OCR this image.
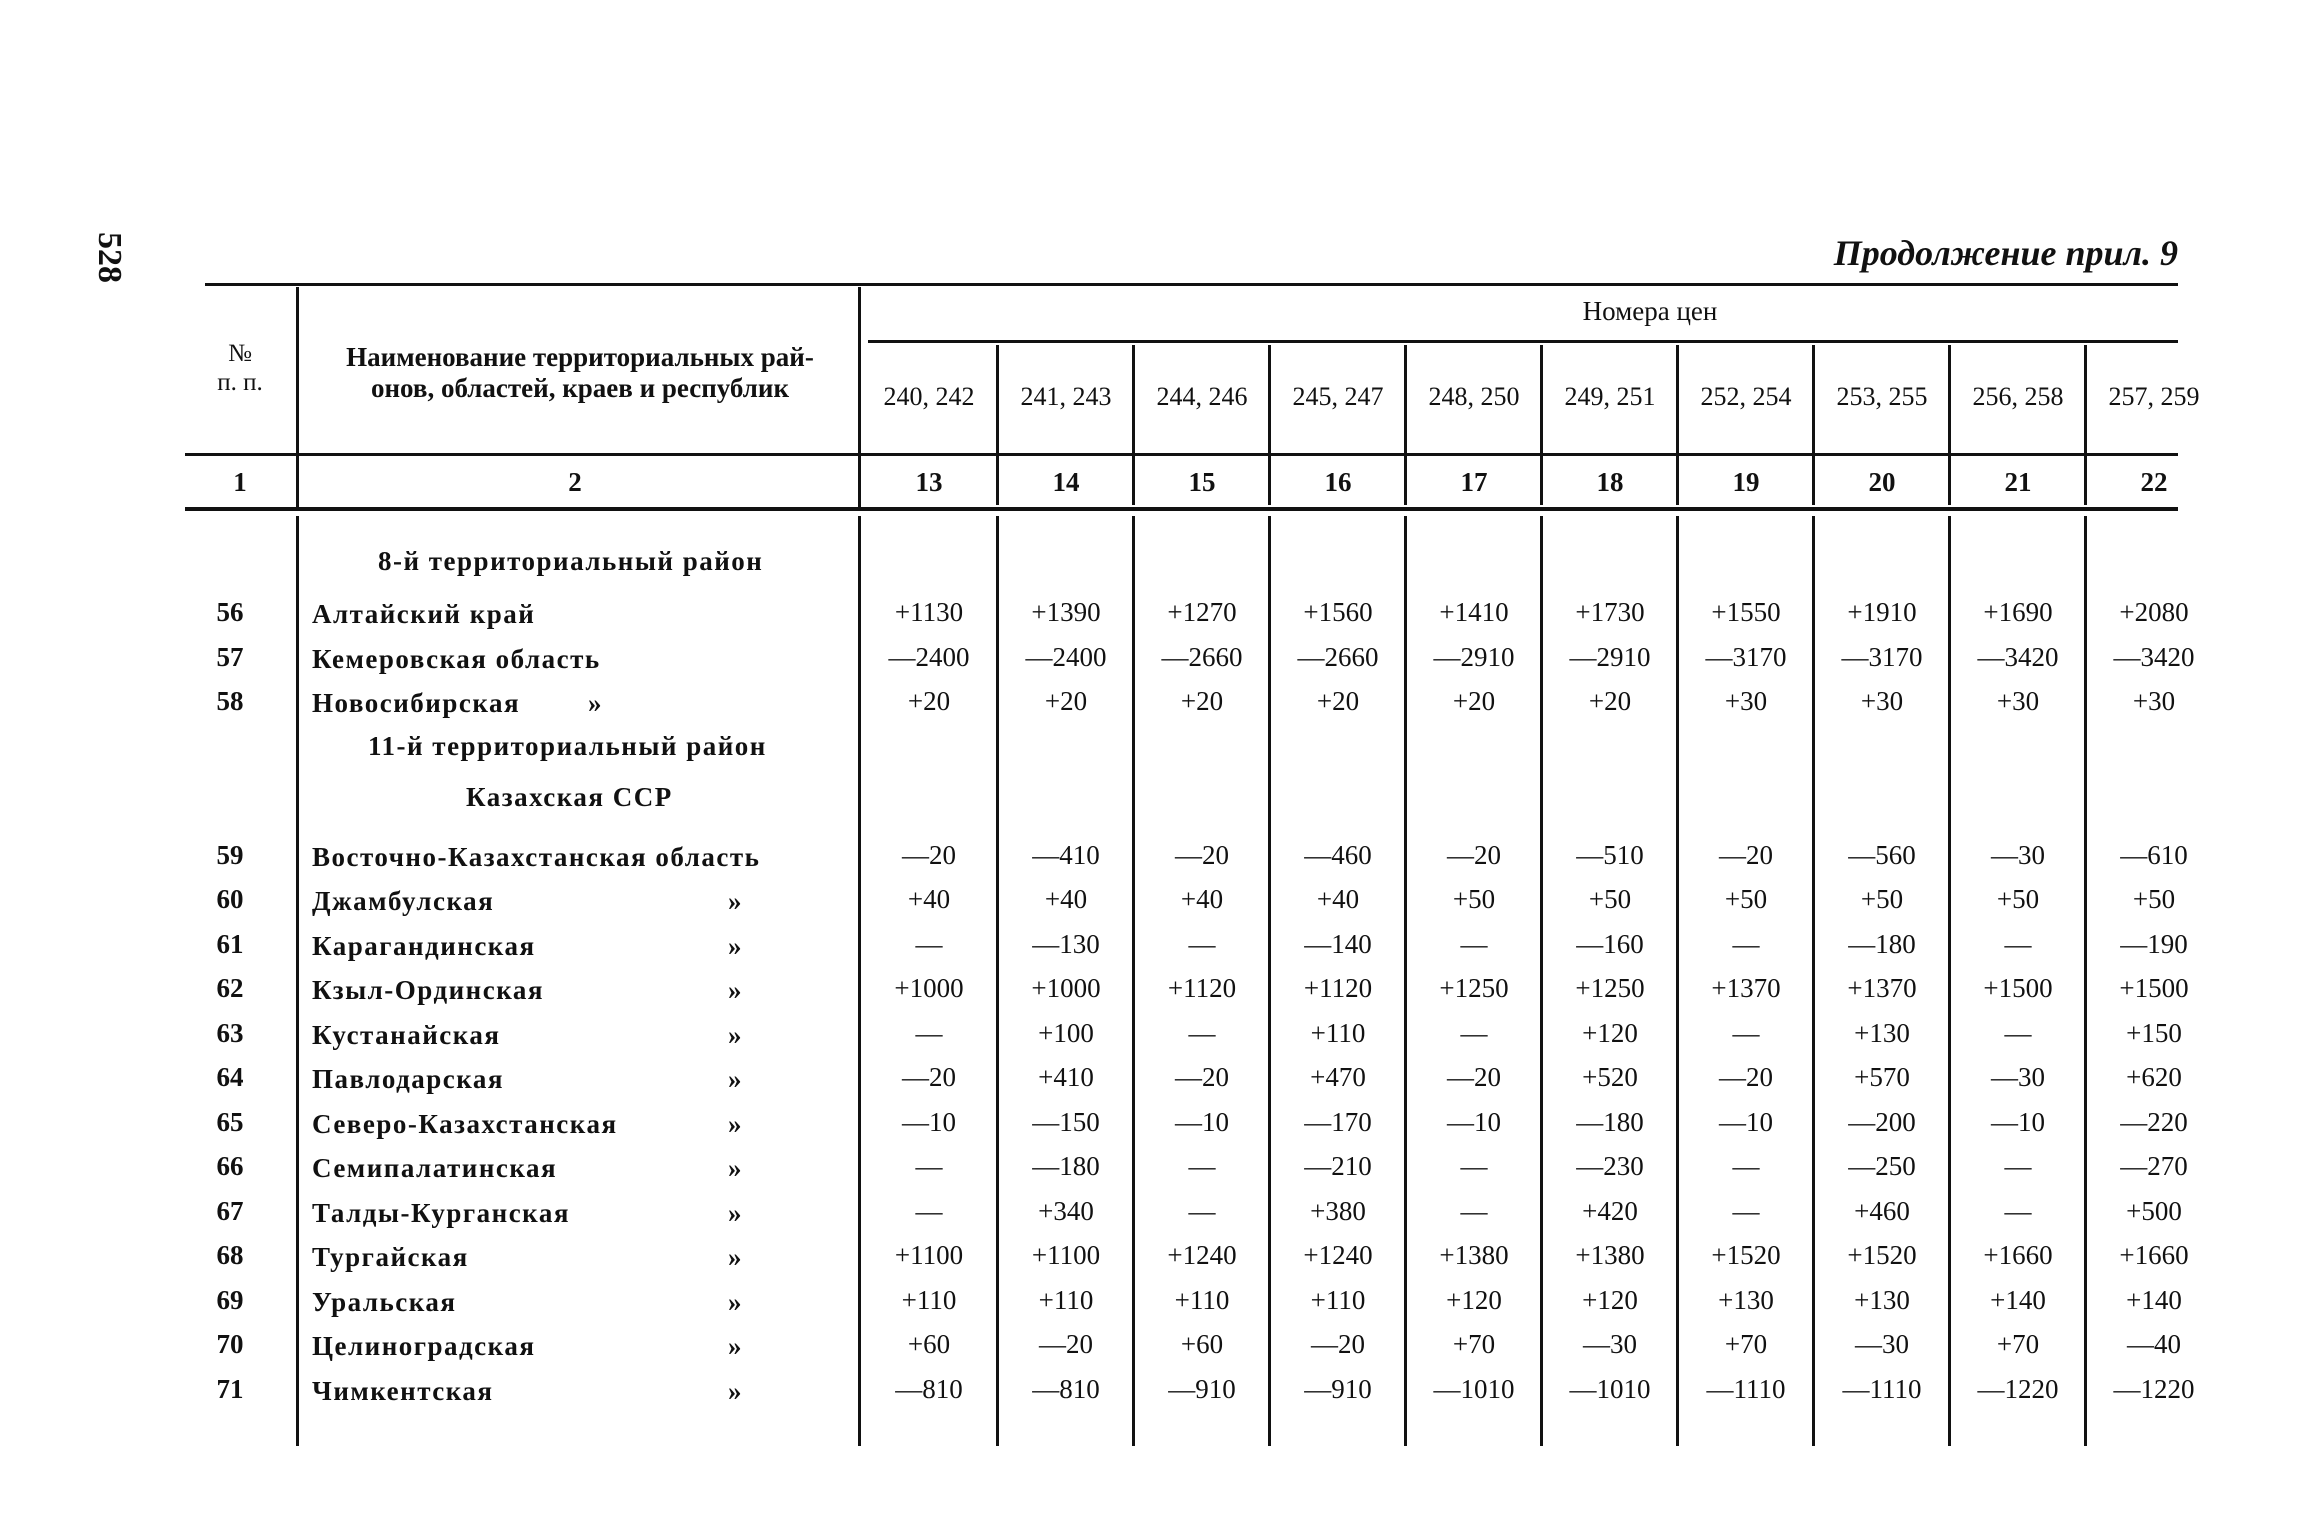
528	Продолжение прил. 9
№
п. п.
Наименование территориальных рай-
онов, областей, краев и республик
Номера цен
240, 242	241, 243	244, 246	245, 247	248, 250	249, 251	252, 254	253, 255	256, 258	257, 259
1	2	13	14	15	16	17	18	19	20	21	22
8-й территориальный район
56	Алтайский край	+1130	+1390	+1270	+1560	+1410	+1730	+1550	+1910	+1690	+2080
57	Кемеровская область	—2400	—2400	—2660	—2660	—2910	—2910	—3170	—3170	—3420	—3420
58	Новосибирская	»	+20	+20	+20	+20	+20	+20	+30	+30	+30	+30
11-й территориальный район
Казахская ССР
59	Восточно-Казахстанская область	—20	—410	—20	—460	—20	—510	—20	—560	—30	—610
60	Джамбулская	»	+40	+40	+40	+40	+50	+50	+50	+50	+50	+50
61	Карагандинская	»	—	—130	—	—140	—	—160	—	—180	—	—190
62	Кзыл-Ординская	»	+1000	+1000	+1120	+1120	+1250	+1250	+1370	+1370	+1500	+1500
63	Кустанайская	»	—	+100	—	+110	—	+120	—	+130	—	+150
64	Павлодарская	»	—20	+410	—20	+470	—20	+520	—20	+570	—30	+620
65	Северо-Казахстанская	»	—10	—150	—10	—170	—10	—180	—10	—200	—10	—220
66	Семипалатинская	»	—	—180	—	—210	—	—230	—	—250	—	—270
67	Талды-Курганская	»	—	+340	—	+380	—	+420	—	+460	—	+500
68	Тургайская	»	+1100	+1100	+1240	+1240	+1380	+1380	+1520	+1520	+1660	+1660
69	Уральская	»	+110	+110	+110	+110	+120	+120	+130	+130	+140	+140
70	Целиноградская	»	+60	—20	+60	—20	+70	—30	+70	—30	+70	—40
71	Чимкентская	»	—810	—810	—910	—910	—1010	—1010	—1110	—1110	—1220	—1220
